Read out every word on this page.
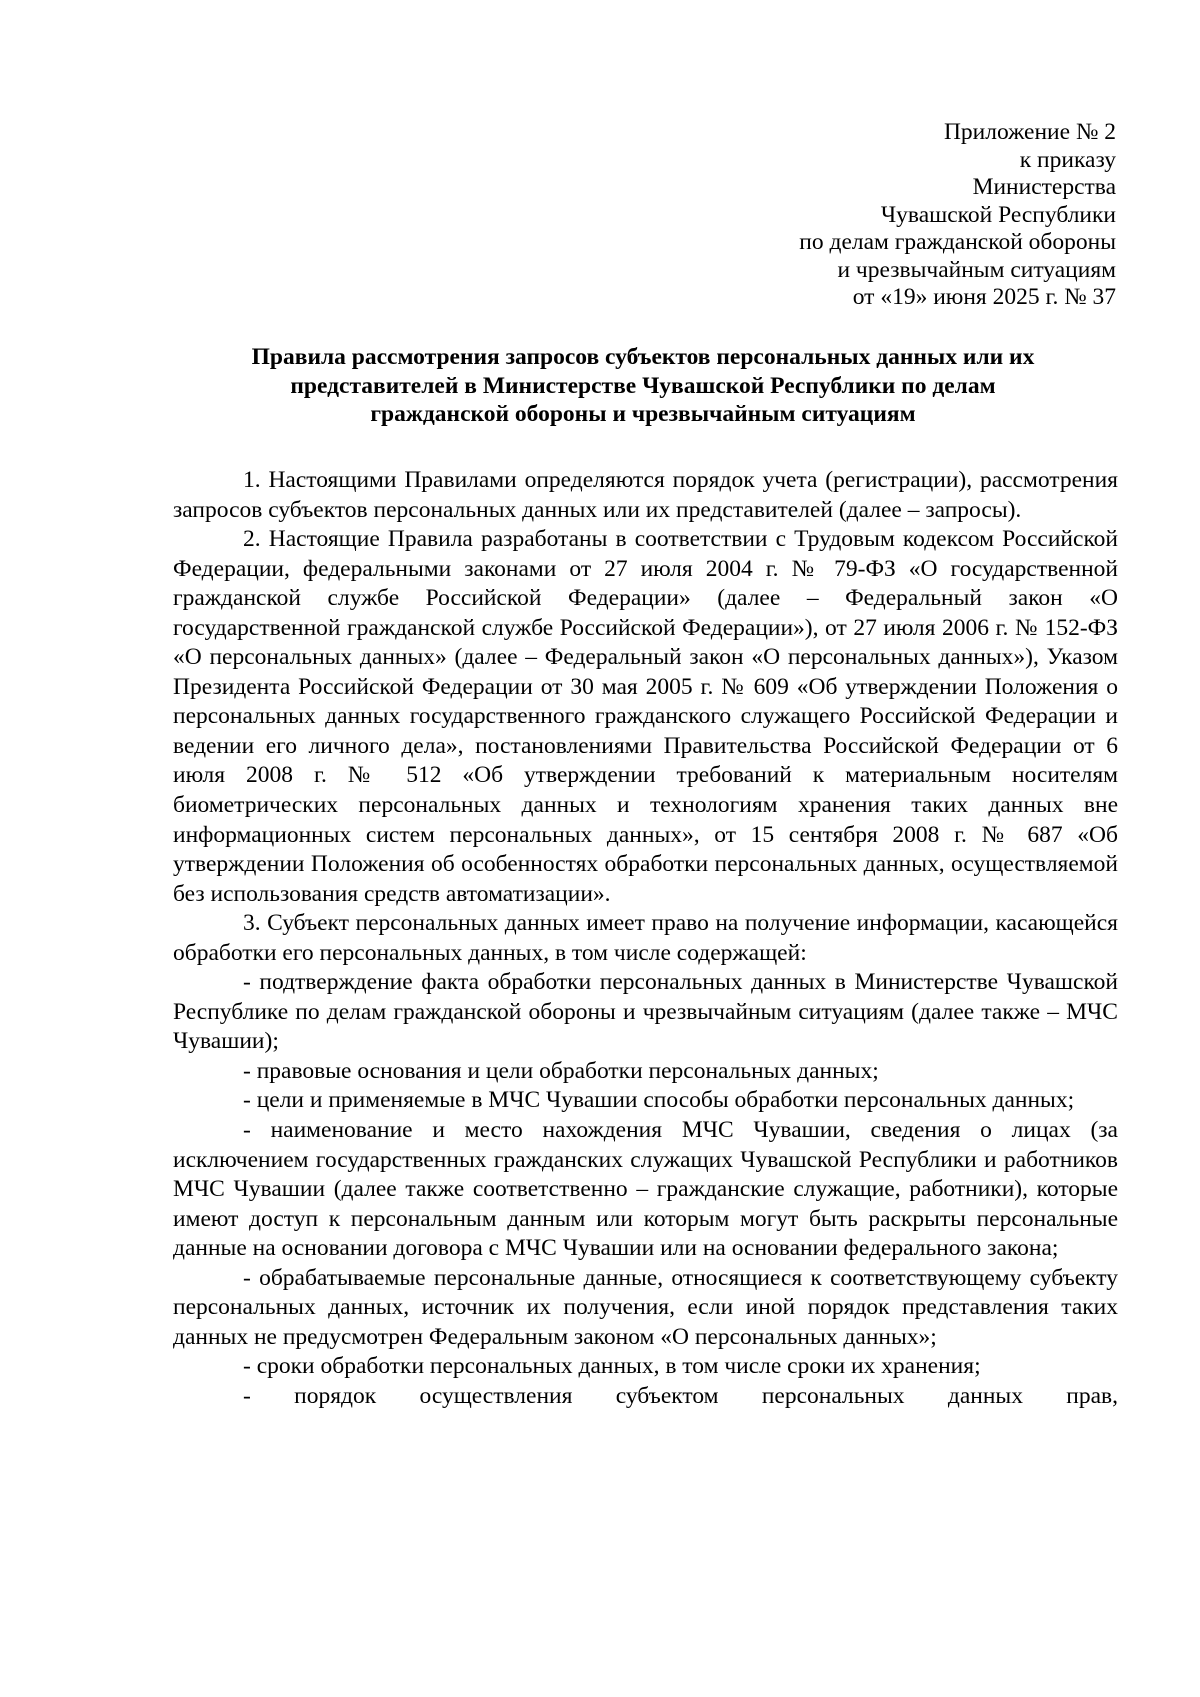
Приложение № 2
к приказу
Министерства
Чувашской Республики
по делам гражданской обороны
и чрезвычайным ситуациям
от «19» июня 2025 г. № 37
Правила рассмотрения запросов субъектов персональных данных или их
представителей в Министерстве Чувашской Республики по делам
гражданской обороны и чрезвычайным ситуациям

1. Настоящими Правилами определяются порядок учета (регистрации), рассмотрения запросов субъектов персональных данных или их представителей (далее – запросы).

2. Настоящие Правила разработаны в соответствии с Трудовым кодексом Российской Федерации, федеральными законами от 27 июля 2004 г. № 79-ФЗ «О государственной гражданской службе Российской Федерации» (далее – Федеральный закон «О государственной гражданской службе Российской Федерации»), от 27 июля 2006 г. № 152-ФЗ «О персональных данных» (далее – Федеральный закон «О персональных данных»), Указом Президента Российской Федерации от 30 мая 2005 г. № 609 «Об утверждении Положения о персональных данных государственного гражданского служащего Российской Федерации и ведении его личного дела», постановлениями Правительства Российской Федерации от 6 июля 2008 г. № 512 «Об утверждении требований к материальным носителям биометрических персональных данных и технологиям хранения таких данных вне информационных систем персональных данных», от 15 сентября 2008 г. № 687 «Об утверждении Положения об особенностях обработки персональных данных, осуществляемой без использования средств автоматизации».

3. Субъект персональных данных имеет право на получение информации, касающейся обработки его персональных данных, в том числе содержащей:

- подтверждение факта обработки персональных данных в Министерстве Чувашской Республике по делам гражданской обороны и чрезвычайным ситуациям (далее также – МЧС Чувашии);

- правовые основания и цели обработки персональных данных;

- цели и применяемые в МЧС Чувашии способы обработки персональных данных;

- наименование и место нахождения МЧС Чувашии, сведения о лицах (за исключением государственных гражданских служащих Чувашской Республики и работников МЧС Чувашии (далее также соответственно – гражданские служащие, работники), которые имеют доступ к персональным данным или которым могут быть раскрыты персональные данные на основании договора с МЧС Чувашии или на основании федерального закона;

- обрабатываемые персональные данные, относящиеся к соответствующему субъекту персональных данных, источник их получения, если иной порядок представления таких данных не предусмотрен Федеральным законом «О персональных данных»;

- сроки обработки персональных данных, в том числе сроки их хранения;

- порядок осуществления субъектом персональных данных прав,
